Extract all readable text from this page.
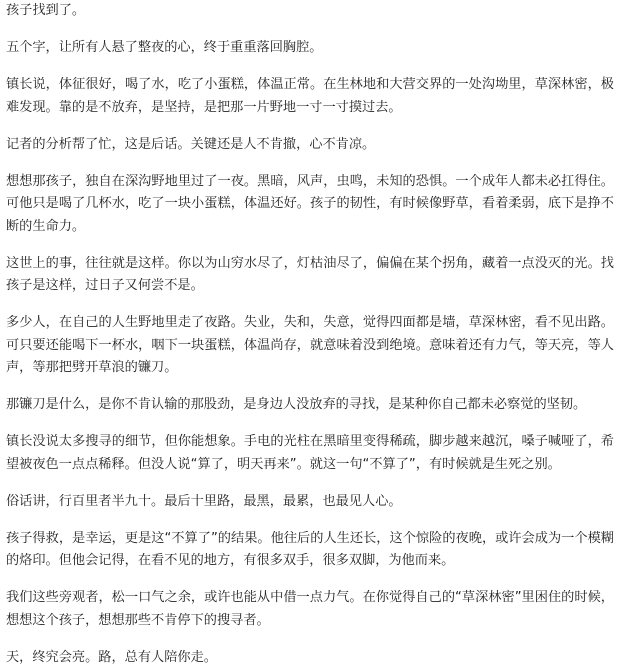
孩子找到了。

五个字，让所有人悬了整夜的心，终于重重落回胸腔。

镇长说，体征很好，喝了水，吃了小蛋糕，体温正常。在生林地和大营交界的一处沟坳里，草深林密，极难发现。靠的是不放弃，是坚持，是把那一片野地一寸一寸摸过去。

记者的分析帮了忙，这是后话。关键还是人不肯撤，心不肯凉。

想想那孩子，独自在深沟野地里过了一夜。黑暗，风声，虫鸣，未知的恐惧。一个成年人都未必扛得住。可他只是喝了几杯水，吃了一块小蛋糕，体温还好。孩子的韧性，有时候像野草，看着柔弱，底下是挣不断的生命力。

这世上的事，往往就是这样。你以为山穷水尽了，灯枯油尽了，偏偏在某个拐角，藏着一点没灭的光。找孩子是这样，过日子又何尝不是。

多少人，在自己的人生野地里走了夜路。失业，失和，失意，觉得四面都是墙，草深林密，看不见出路。可只要还能喝下一杯水，咽下一块蛋糕，体温尚存，就意味着没到绝境。意味着还有力气，等天亮，等人声，等那把劈开草浪的镰刀。

那镰刀是什么，是你不肯认输的那股劲，是身边人没放弃的寻找，是某种你自己都未必察觉的坚韧。

镇长没说太多搜寻的细节，但你能想象。手电的光柱在黑暗里变得稀疏，脚步越来越沉，嗓子喊哑了，希望被夜色一点点稀释。但没人说“算了，明天再来”。就这一句“不算了”，有时候就是生死之别。

俗话讲，行百里者半九十。最后十里路，最黑，最累，也最见人心。

孩子得救，是幸运，更是这“不算了”的结果。他往后的人生还长，这个惊险的夜晚，或许会成为一个模糊的烙印。但他会记得，在看不见的地方，有很多双手，很多双脚，为他而来。

我们这些旁观者，松一口气之余，或许也能从中借一点力气。在你觉得自己的“草深林密”里困住的时候，想想这个孩子，想想那些不肯停下的搜寻者。

天，终究会亮。路，总有人陪你走。
